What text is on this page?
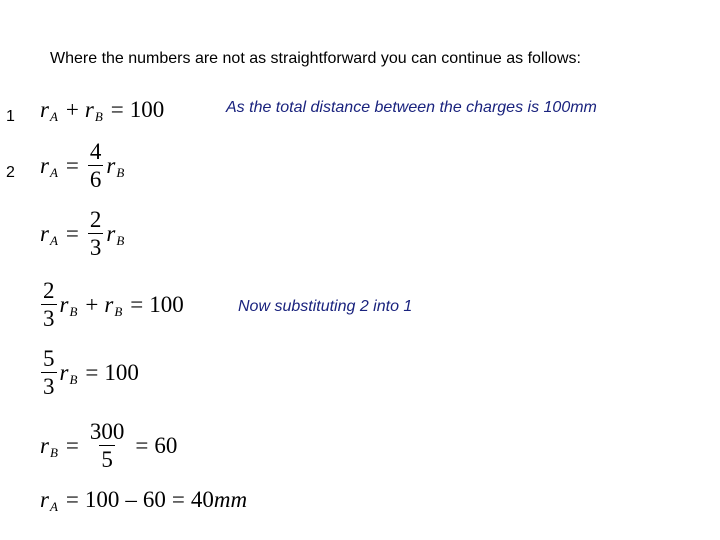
Where the numbers are not as straightforward you can continue as follows:
1
2
As the total distance between the charges is 100mm
Now substituting 2 into 1
r A + r B = 100
r $A = \frac{4}{6}$ r B
r $A = \frac{2}{3}$ r B
$\frac{2}{3}$ r B + r B = 100
$\frac{5}{3}$ r B = 100
r $B = \frac{300}{5} = 60$
r A = 100 – 60 = 40 mm
